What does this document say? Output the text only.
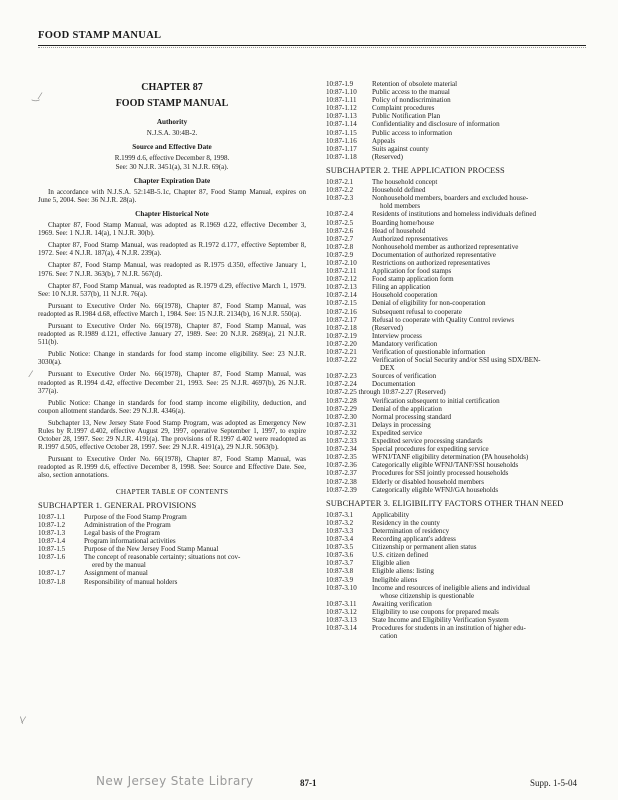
FOOD STAMP MANUAL
‿⁄
⁄
\⁄
CHAPTER 87
FOOD STAMP MANUAL
Authority
N.J.S.A. 30:4B-2.
Source and Effective Date
R.1999 d.6, effective December 8, 1998.
See: 30 N.J.R. 3451(a), 31 N.J.R. 69(a).
Chapter Expiration Date
In accordance with N.J.S.A. 52:14B-5.1c, Chapter 87, Food Stamp Manual, expires on June 5, 2004. See: 36 N.J.R. 28(a).
Chapter Historical Note
Chapter 87, Food Stamp Manual, was adopted as R.1969 d.22, effective December 3, 1969. See: 1 N.J.R. 14(a), 1 N.J.R. 30(b).
Chapter 87, Food Stamp Manual, was readopted as R.1972 d.177, effective September 8, 1972. See: 4 N.J.R. 187(a), 4 N.J.R. 239(a).
Chapter 87, Food Stamp Manual, was readopted as R.1975 d.350, effective January 1, 1976. See: 7 N.J.R. 363(b), 7 N.J.R. 567(d).
Chapter 87, Food Stamp Manual, was readopted as R.1979 d.29, effective March 1, 1979. See: 10 N.J.R. 537(b), 11 N.J.R. 76(a).
Pursuant to Executive Order No. 66(1978), Chapter 87, Food Stamp Manual, was readopted as R.1984 d.68, effective March 1, 1984. See: 15 N.J.R. 2134(b), 16 N.J.R. 550(a).
Pursuant to Executive Order No. 66(1978), Chapter 87, Food Stamp Manual, was readopted as R.1989 d.121, effective January 27, 1989. See: 20 N.J.R. 2689(a), 21 N.J.R. 511(b).
Public Notice: Change in standards for food stamp income eligibility. See: 23 N.J.R. 3030(a).
Pursuant to Executive Order No. 66(1978), Chapter 87, Food Stamp Manual, was readopted as R.1994 d.42, effective December 21, 1993. See: 25 N.J.R. 4697(b), 26 N.J.R. 377(a).
Public Notice: Change in standards for food stamp income eligibility, deduction, and coupon allotment standards. See: 29 N.J.R. 4346(a).
Subchapter 13, New Jersey State Food Stamp Program, was adopted as Emergency New Rules by R.1997 d.402, effective August 29, 1997, operative September 1, 1997, to expire October 28, 1997. See: 29 N.J.R. 4191(a). The provisions of R.1997 d.402 were readopted as R.1997 d.505, effective October 28, 1997. See: 29 N.J.R. 4191(a), 29 N.J.R. 5063(b).
Pursuant to Executive Order No. 66(1978), Chapter 87, Food Stamp Manual, was readopted as R.1999 d.6, effective December 8, 1998. See: Source and Effective Date. See, also, section annotations.
CHAPTER TABLE OF CONTENTS
SUBCHAPTER 1. GENERAL PROVISIONS
10:87-1.1	Purpose of the Food Stamp Program
10:87-1.2	Administration of the Program
10:87-1.3	Legal basis of the Program
10:87-1.4	Program informational activities
10:87-1.5	Purpose of the New Jersey Food Stamp Manual
10:87-1.6	The concept of reasonable certainty; situations not cov-
ered by the manual
10:87-1.7	Assignment of manual
10:87-1.8	Responsibility of manual holders
10:87-1.9	Retention of obsolete material
10:87-1.10	Public access to the manual
10:87-1.11	Policy of nondiscrimination
10:87-1.12	Complaint procedures
10:87-1.13	Public Notification Plan
10:87-1.14	Confidentiality and disclosure of information
10:87-1.15	Public access to information
10:87-1.16	Appeals
10:87-1.17	Suits against county
10:87-1.18	(Reserved)
SUBCHAPTER 2. THE APPLICATION PROCESS
10:87-2.1	The household concept
10:87-2.2	Household defined
10:87-2.3	Nonhousehold members, boarders and excluded house-
hold members
10:87-2.4	Residents of institutions and homeless individuals defined
10:87-2.5	Boarding home/house
10:87-2.6	Head of household
10:87-2.7	Authorized representatives
10:87-2.8	Nonhousehold member as authorized representative
10:87-2.9	Documentation of authorized representative
10:87-2.10	Restrictions on authorized representatives
10:87-2.11	Application for food stamps
10:87-2.12	Food stamp application form
10:87-2.13	Filing an application
10:87-2.14	Household cooperation
10:87-2.15	Denial of eligibility for non-cooperation
10:87-2.16	Subsequent refusal to cooperate
10:87-2.17	Refusal to cooperate with Quality Control reviews
10:87-2.18	(Reserved)
10:87-2.19	Interview process
10:87-2.20	Mandatory verification
10:87-2.21	Verification of questionable information
10:87-2.22	Verification of Social Security and/or SSI using SDX/BEN-
DEX
10:87-2.23	Sources of verification
10:87-2.24	Documentation
10:87-2.25 through 10:87-2.27 (Reserved)
10:87-2.28	Verification subsequent to initial certification
10:87-2.29	Denial of the application
10:87-2.30	Normal processing standard
10:87-2.31	Delays in processing
10:87-2.32	Expedited service
10:87-2.33	Expedited service processing standards
10:87-2.34	Special procedures for expediting service
10:87-2.35	WFNJ/TANF eligibility determination (PA households)
10:87-2.36	Categorically eligible WFNJ/TANF/SSI households
10:87-2.37	Procedures for SSI jointly processed households
10:87-2.38	Elderly or disabled household members
10:87-2.39	Categorically eligible WFNJ/GA households
SUBCHAPTER 3. ELIGIBILITY FACTORS OTHER THAN NEED
10:87-3.1	Applicability
10:87-3.2	Residency in the county
10:87-3.3	Determination of residency
10:87-3.4	Recording applicant's address
10:87-3.5	Citizenship or permanent alien status
10:87-3.6	U.S. citizen defined
10:87-3.7	Eligible alien
10:87-3.8	Eligible aliens: listing
10:87-3.9	Ineligible aliens
10:87-3.10	Income and resources of ineligible aliens and individual
whose citizenship is questionable
10:87-3.11	Awaiting verification
10:87-3.12	Eligibility to use coupons for prepared meals
10:87-3.13	State Income and Eligibility Verification System
10:87-3.14	Procedures for students in an institution of higher edu-
cation
New Jersey State Library	87-1	Supp. 1-5-04
